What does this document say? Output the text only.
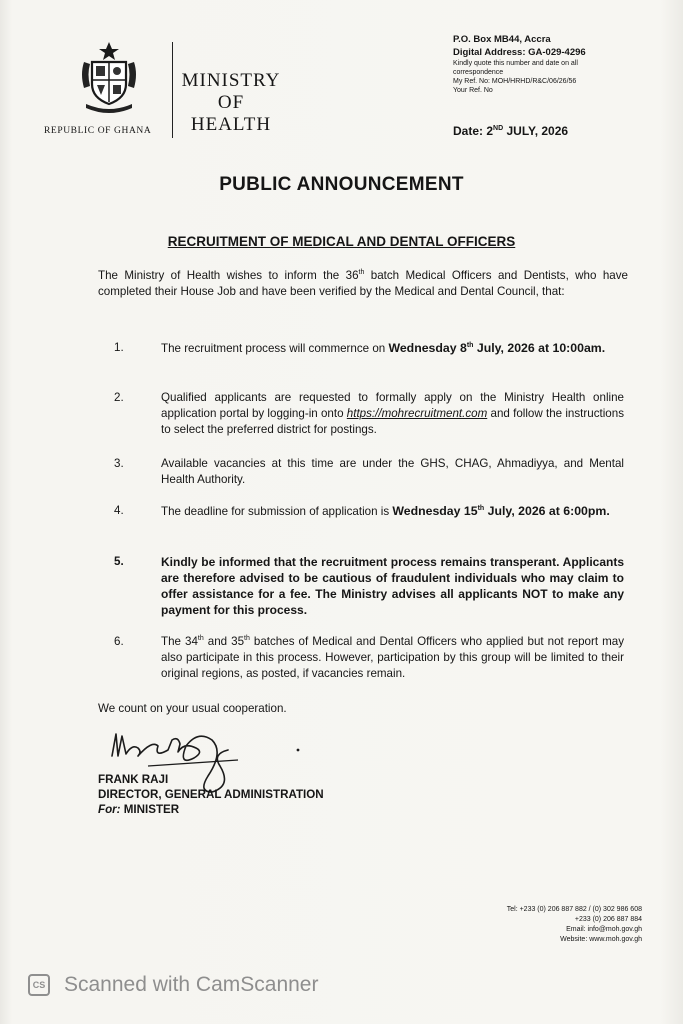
REPUBLIC OF GHANA
MINISTRY
OF
HEALTH
P.O. Box MB44, Accra
Digital Address: GA-029-4296
Kindly quote this number and date on all
correspondence
My Ref. No: MOH/HRHD/R&C/06/26/56
Your Ref. No
Date: 2ND JULY, 2026
PUBLIC ANNOUNCEMENT
RECRUITMENT OF MEDICAL AND DENTAL OFFICERS
The Ministry of Health wishes to inform the 36th batch Medical Officers and Dentists, who have completed their House Job and have been verified by the Medical and Dental Council, that:
1.	The recruitment process will commernce on Wednesday 8th July, 2026 at 10:00am.
2.	Qualified applicants are requested to formally apply on the Ministry Health online application portal by logging-in onto https://mohrecruitment.com and follow the instructions to select the preferred district for postings.
3.	Available vacancies at this time are under the GHS, CHAG, Ahmadiyya, and Mental Health Authority.
4.	The deadline for submission of application is Wednesday 15th July, 2026 at 6:00pm.
5.	Kindly be informed that the recruitment process remains transperant. Applicants are therefore advised to be cautious of fraudulent individuals who may claim to offer assistance for a fee. The Ministry advises all applicants NOT to make any payment for this process.
6.	The 34th and 35th batches of Medical and Dental Officers who applied but not report may also participate in this process. However, participation by this group will be limited to their original regions, as posted, if vacancies remain.
We count on your usual cooperation.
FRANK RAJI
DIRECTOR, GENERAL ADMINISTRATION
For: MINISTER
Tel: +233 (0) 206 887 882 / (0) 302 986 608
+233 (0) 206 887 884
Email: info@moh.gov.gh
Website: www.moh.gov.gh
CS Scanned with CamScanner
